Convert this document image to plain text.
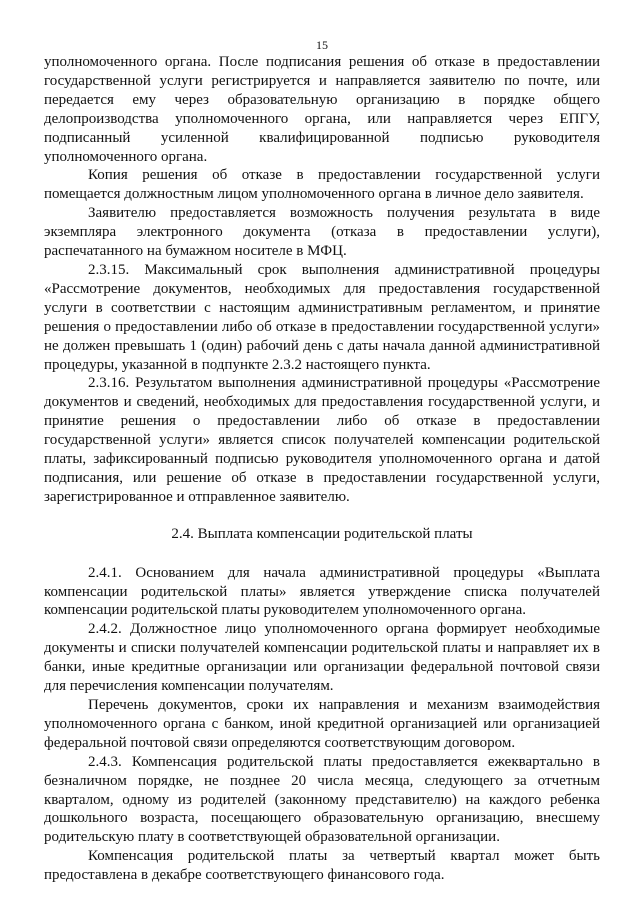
15

уполномоченного органа. После подписания решения об отказе в предоставлении государственной услуги регистрируется и направляется заявителю по почте, или передается ему через образовательную организацию в порядке общего делопроизводства уполномоченного органа, или направляется через ЕПГУ, подписанный усиленной квалифицированной подписью руководителя уполномоченного органа.

Копия решения об отказе в предоставлении государственной услуги помещается должностным лицом уполномоченного органа в личное дело заявителя.

Заявителю предоставляется возможность получения результата в виде экземпляра электронного документа (отказа в предоставлении услуги), распечатанного на бумажном носителе в МФЦ.

2.3.15. Максимальный срок выполнения административной процедуры «Рассмотрение документов, необходимых для предоставления государственной услуги в соответствии с настоящим административным регламентом, и принятие решения о предоставлении либо об отказе в предоставлении государственной услуги» не должен превышать 1 (один) рабочий день с даты начала данной административной процедуры, указанной в подпункте 2.3.2 настоящего пункта.

2.3.16. Результатом выполнения административной процедуры «Рассмотрение документов и сведений, необходимых для предоставления государственной услуги, и принятие решения о предоставлении либо об отказе в предоставлении государственной услуги» является список получателей компенсации родительской платы, зафиксированный подписью руководителя уполномоченного органа и датой подписания, или решение об отказе в предоставлении государственной услуги, зарегистрированное и отправленное заявителю.

2.4. Выплата компенсации родительской платы

2.4.1. Основанием для начала административной процедуры «Выплата компенсации родительской платы» является утверждение списка получателей компенсации родительской платы руководителем уполномоченного органа.

2.4.2. Должностное лицо уполномоченного органа формирует необходимые документы и списки получателей компенсации родительской платы и направляет их в банки, иные кредитные организации или организации федеральной почтовой связи для перечисления компенсации получателям.

Перечень документов, сроки их направления и механизм взаимодействия уполномоченного органа с банком, иной кредитной организацией или организацией федеральной почтовой связи определяются соответствующим договором.

2.4.3. Компенсация родительской платы предоставляется ежеквартально в безналичном порядке, не позднее 20 числа месяца, следующего за отчетным кварталом, одному из родителей (законному представителю) на каждого ребенка дошкольного возраста, посещающего образовательную организацию, внесшему родительскую плату в соответствующей образовательной организации.

Компенсация родительской платы за четвертый квартал может быть предоставлена в декабре соответствующего финансового года.
